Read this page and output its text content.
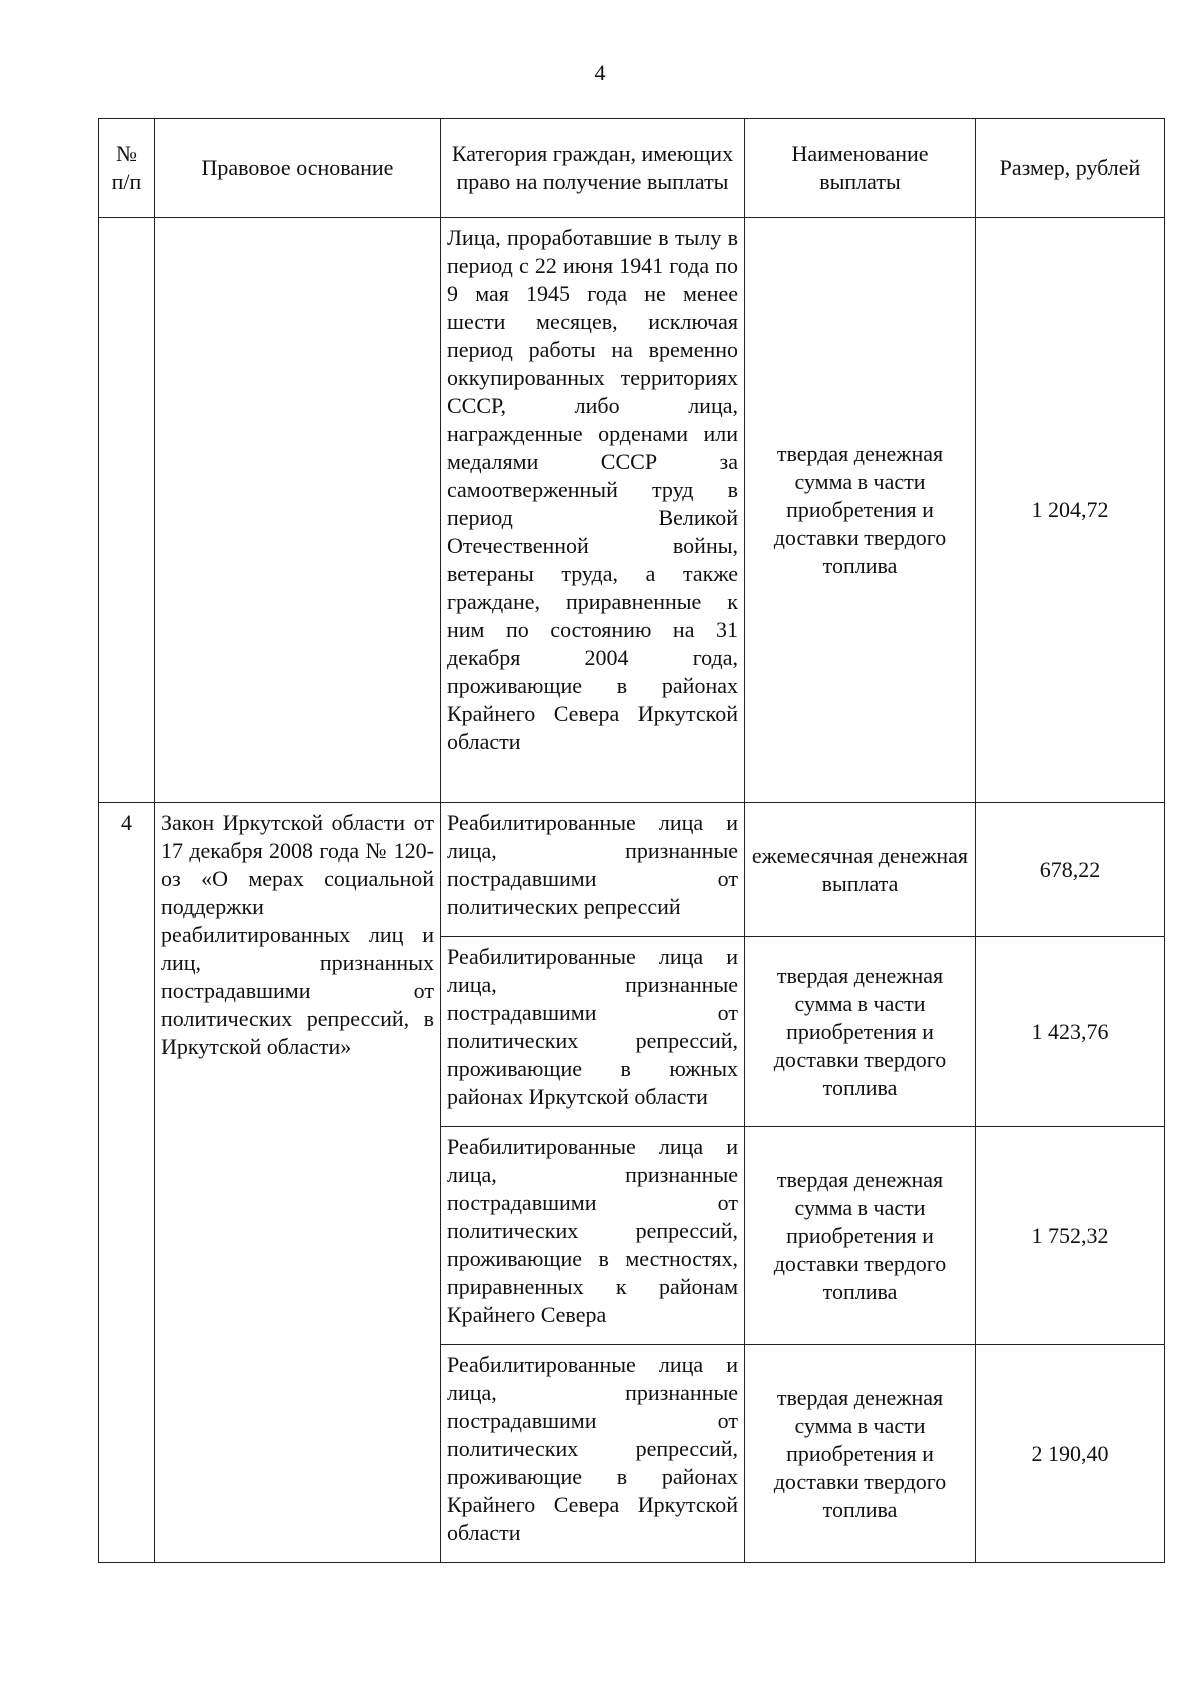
4
№
п/п	Правовое основание	Категория граждан, имеющих право на получение выплаты	Наименование выплаты	Размер, рублей
		Лица, проработавшие в тылу в период с 22 июня 1941 года по 9 мая 1945 года не менее шести месяцев, исключая период работы на временно оккупированных территориях СССР, либо лица, награжденные орденами или медалями СССР за самоотверженный труд в период Великой Отечественной войны, ветераны труда, а также граждане, приравненные к ним по состоянию на 31 декабря 2004 года, проживающие в районах Крайнего Севера Иркутской области	твердая денежная сумма в части приобретения и доставки твердого топлива	1 204,72
4	Закон Иркутской области от 17 декабря 2008 года № 120-оз «О мерах социальной поддержки реабилитированных лиц и лиц, признанных пострадавшими от политических репрессий, в Иркутской области»	Реабилитированные лица и лица, признанные пострадавшими от политических репрессий	ежемесячная денежная выплата	678,22
		Реабилитированные лица и лица, признанные пострадавшими от политических репрессий, проживающие в южных районах Иркутской области	твердая денежная сумма в части приобретения и доставки твердого топлива	1 423,76
		Реабилитированные лица и лица, признанные пострадавшими от политических репрессий, проживающие в местностях, приравненных к районам Крайнего Севера	твердая денежная сумма в части приобретения и доставки твердого топлива	1 752,32
		Реабилитированные лица и лица, признанные пострадавшими от политических репрессий, проживающие в районах Крайнего Севера Иркутской области	твердая денежная сумма в части приобретения и доставки твердого топлива	2 190,40
